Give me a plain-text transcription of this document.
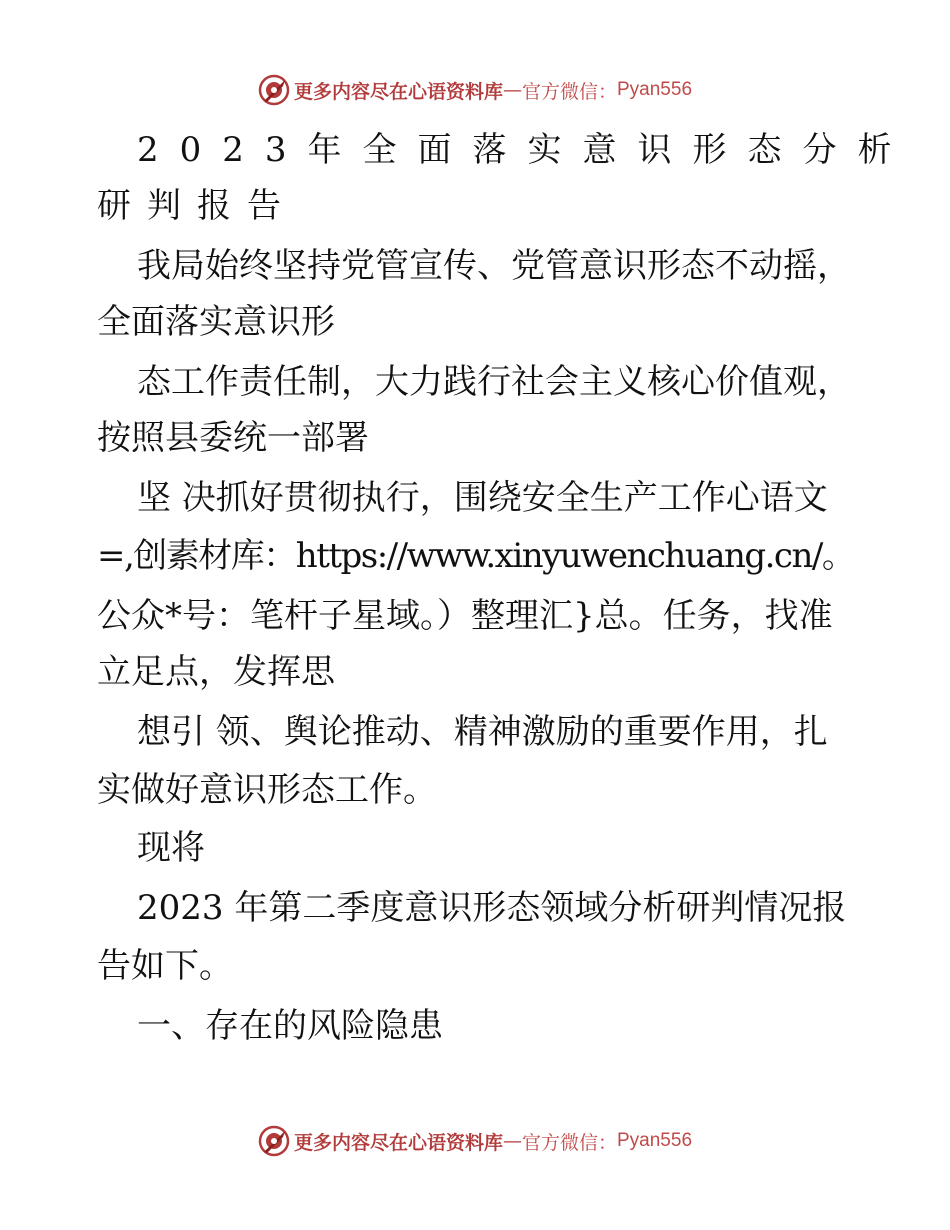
更多内容尽在心语资料库 — 官方微信： Pyan556
2023年全面落实意识形态分析
研判报告
我局始终坚持党管宣传、党管意识形态不动摇，
全面落实意识形
态工作责任制，大力践行社会主义核心价值观，
按照县委统一部署
坚 决抓好贯彻执行，围绕安全生产工作心语文
=,创素材库：https://www.xinyuwenchuang.cn/。
公众*号：笔杆子星域。）整理汇}总。任务，找准
立足点，发挥思
想引 领、舆论推动、精神激励的重要作用，扎
实做好意识形态工作。
现将
2023 年第二季度意识形态领域分析研判情况报
告如下。
一、存在的风险隐患
更多内容尽在心语资料库 — 官方微信： Pyan556
